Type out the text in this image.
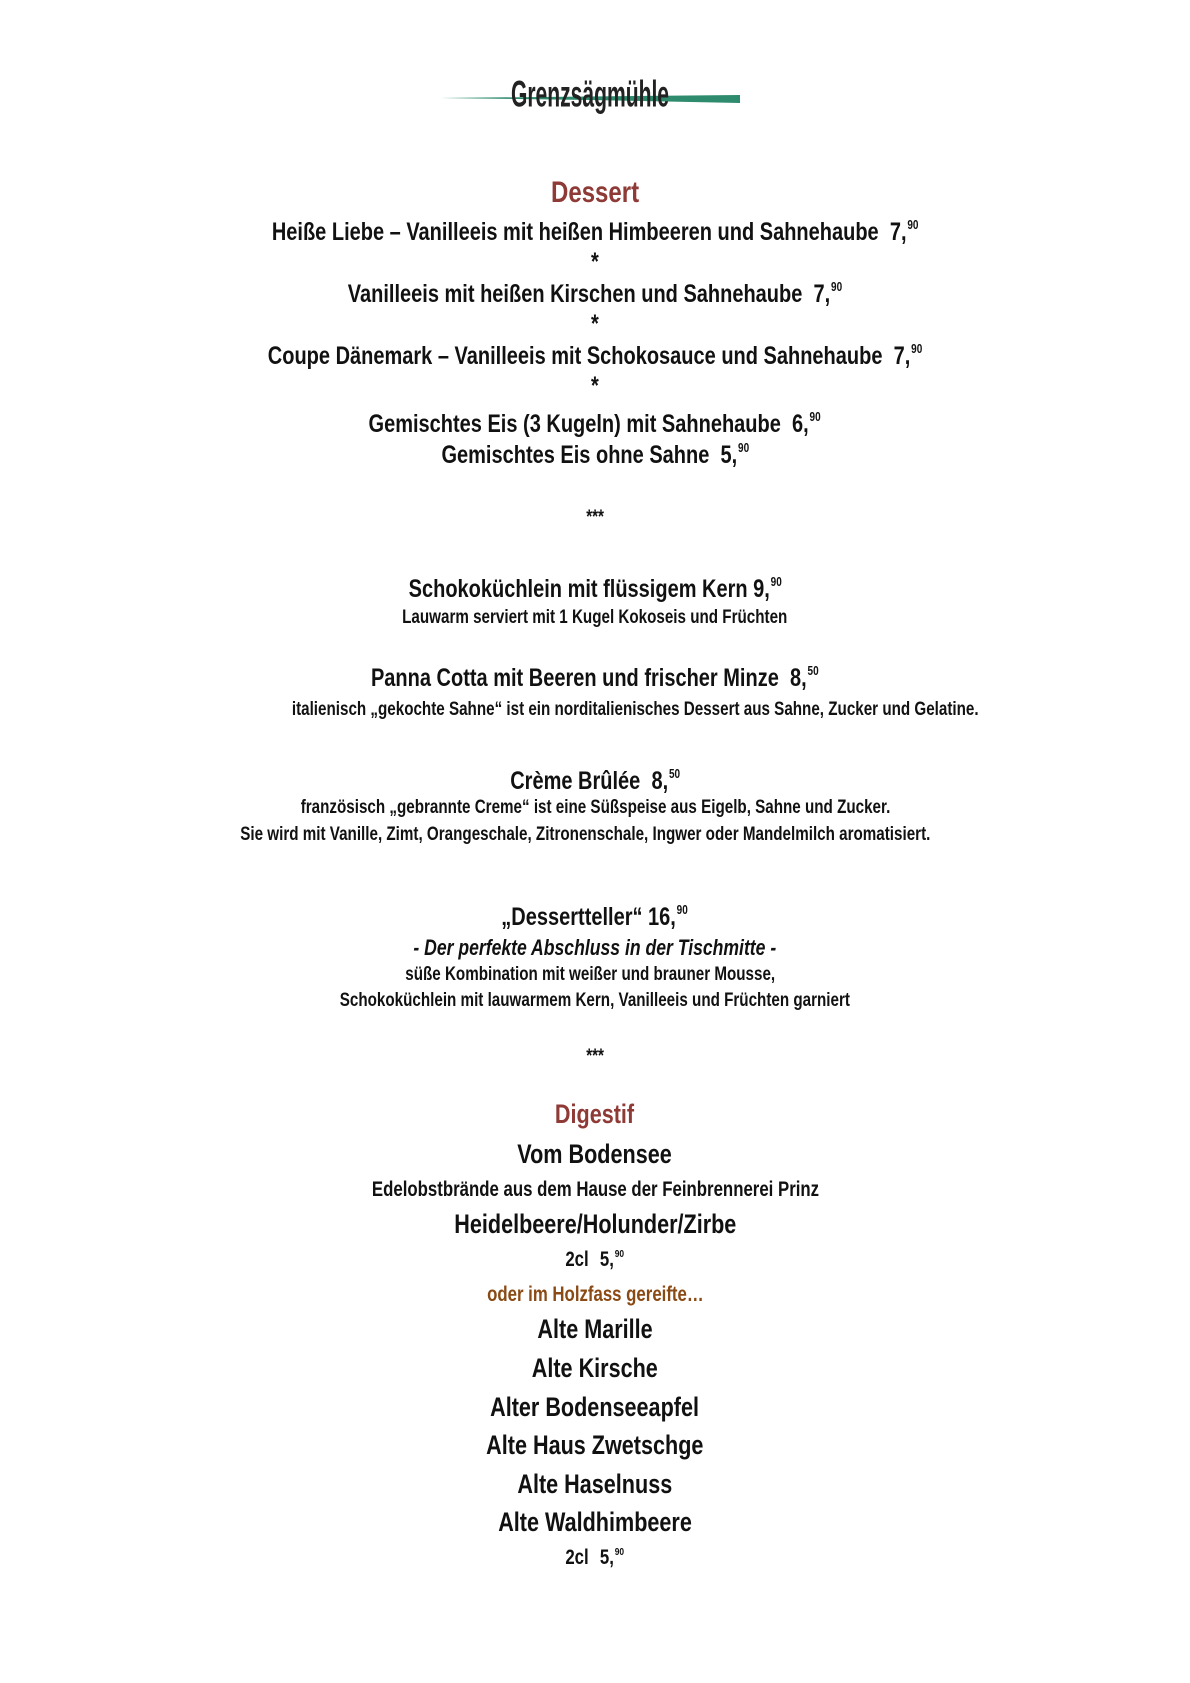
Grenzsägmühle
Dessert
Heiße Liebe – Vanilleeis mit heißen Himbeeren und Sahnehaube 7,90
*
Vanilleeis mit heißen Kirschen und Sahnehaube 7,90
*
Coupe Dänemark – Vanilleeis mit Schokosauce und Sahnehaube 7,90
*
Gemischtes Eis (3 Kugeln) mit Sahnehaube 6,90
Gemischtes Eis ohne Sahne 5,90
***
Schokoküchlein mit flüssigem Kern 9,90
Lauwarm serviert mit 1 Kugel Kokoseis und Früchten
Panna Cotta mit Beeren und frischer Minze 8,50
italienisch „gekochte Sahne“ ist ein norditalienisches Dessert aus Sahne, Zucker und Gelatine.
Crème Brûlée 8,50
französisch „gebrannte Creme“ ist eine Süßspeise aus Eigelb, Sahne und Zucker.
Sie wird mit Vanille, Zimt, Orangeschale, Zitronenschale, Ingwer oder Mandelmilch aromatisiert.
„Dessertteller“ 16,90
- Der perfekte Abschluss in der Tischmitte -
süße Kombination mit weißer und brauner Mousse,
Schokoküchlein mit lauwarmem Kern, Vanilleeis und Früchten garniert
***
Digestif
Vom Bodensee
Edelobstbrände aus dem Hause der Feinbrennerei Prinz
Heidelbeere/Holunder/Zirbe
2cl 5,90
oder im Holzfass gereifte…
Alte Marille
Alte Kirsche
Alter Bodenseeapfel
Alte Haus Zwetschge
Alte Haselnuss
Alte Waldhimbeere
2cl 5,90
